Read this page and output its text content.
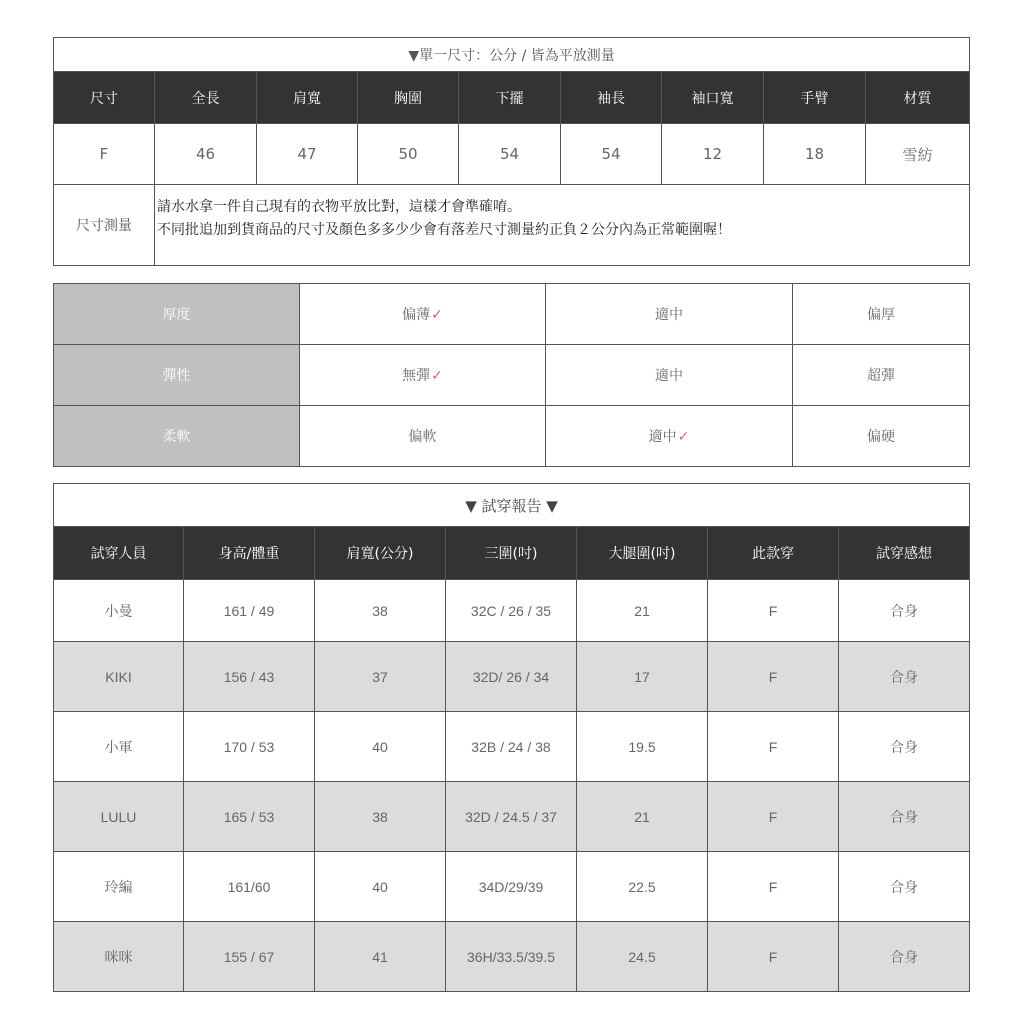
▼單一尺寸：公分 / 皆為平放測量								
尺寸	全長	肩寬	胸圍	下擺	袖長	袖口寬	手臂	材質
F	46	47	50	54	54	12	18	雪紡
尺寸測量	請水水拿一件自己現有的衣物平放比對，這樣才會準確唷。
不同批追加到貨商品的尺寸及顏色多多少少會有落差尺寸測量約正負２公分內為正常範圍喔！							
厚度	偏薄✓	適中	偏厚
彈性	無彈✓	適中	超彈
柔軟	偏軟	適中✓	偏硬
▼ 試穿報告 ▼						
試穿人員	身高/體重	肩寬(公分)	三圍(吋)	大腿圍(吋)	此款穿	試穿感想
小曼	161 / 49	38	32C / 26 / 35	21	F	合身
KIKI	156 / 43	37	32D/ 26 / 34	17	F	合身
小軍	170 / 53	40	32B / 24 / 38	19.5	F	合身
LULU	165 / 53	38	32D / 24.5 / 37	21	F	合身
玲編	161/60	40	34D/29/39	22.5	F	合身
咪咪	155 / 67	41	36H/33.5/39.5	24.5	F	合身
